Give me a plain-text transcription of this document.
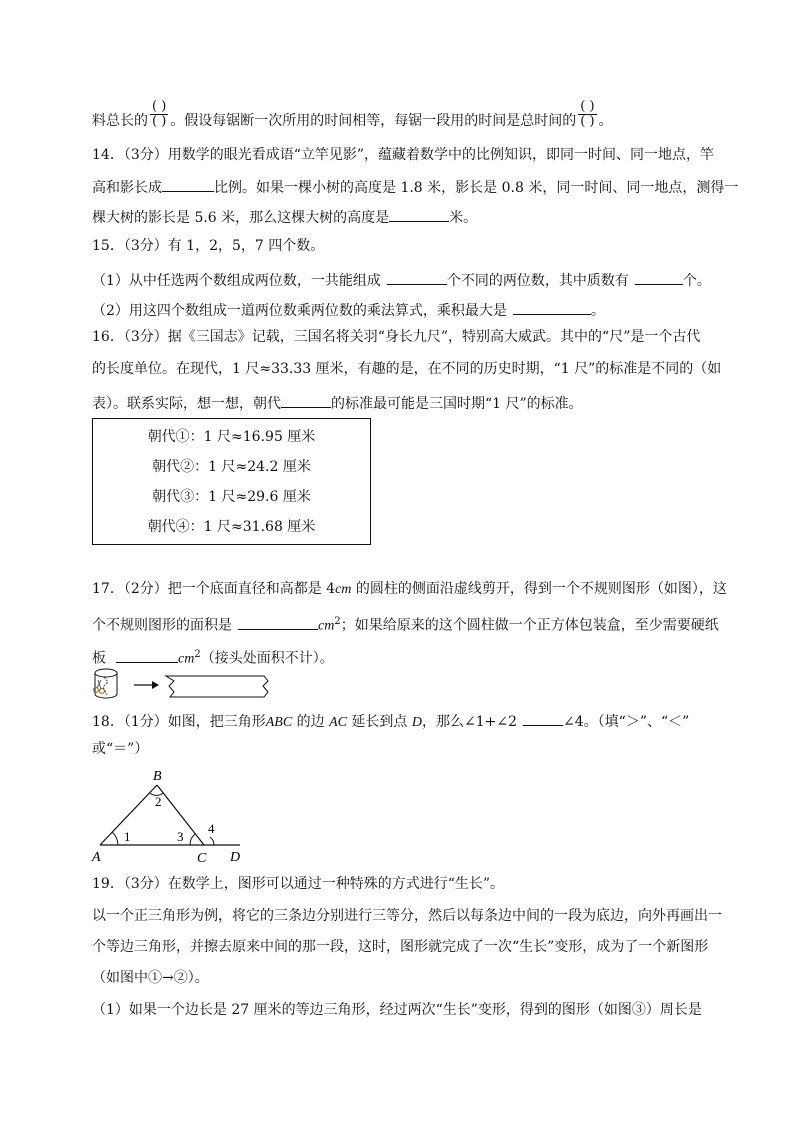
料总长的 $\frac{( )}{( )}$ 。假设每锯断一次所用的时间相等，每锯一段用的时间是总时间的 $\frac{( )}{( )}$ 。
14．（3分）用数学的眼光看成语“立竿见影”，蕴藏着数学中的比例知识，即同一时间、同一地点，竿
高和影长成	比例。如果一棵小树的高度是 1.8 米，影长是 0.8 米，同一时间、同一地点，测得一
棵大树的影长是 5.6 米，那么这棵大树的高度是	米。
15．（3分）有 1，2，5，7 四个数。
（1）从中任选两个数组成两位数，一共能组成	个不同的两位数，其中质数有	个。
（2）用这四个数组成一道两位数乘两位数的乘法算式，乘积最大是	。
16．（3分）据《三国志》记载，三国名将关羽“身长九尺”，特别高大威武。其中的“尺”是一个古代
的长度单位。在现代，1 尺≈33.33 厘米，有趣的是，在不同的历史时期，“1 尺”的标准是不同的（如
表）。联系实际，想一想，朝代	的标准最可能是三国时期“1 尺”的标准。
朝代①：1 尺≈16.95 厘米
朝代②：1 尺≈24.2 厘米
朝代③：1 尺≈29.6 厘米
朝代④：1 尺≈31.68 厘米
17．（2分）把一个底面直径和高都是 4cm 的圆柱的侧面沿虚线剪开，得到一个不规则图形（如图），这
个不规则图形的面积是	$cm^2$；如果给原来的这个圆柱做一个正方体包装盒，至少需要硬纸
板	$cm^2$（接头处面积不计）。
18．（1分）如图，把三角形ABC 的边 AC 延长到点 D，那么∠1+∠2	∠4。（填“＞”、“＜”
或“＝”）
B
A	C D
1
2
3
4
19．（3分）在数学上，图形可以通过一种特殊的方式进行“生长”。
以一个正三角形为例，将它的三条边分别进行三等分，然后以每条边中间的一段为底边，向外再画出一
个等边三角形，并擦去原来中间的那一段，这时，图形就完成了一次“生长”变形，成为了一个新图形
（如图中①→②）。
（1）如果一个边长是 27 厘米的等边三角形，经过两次“生长”变形，得到的图形（如图③）周长是
